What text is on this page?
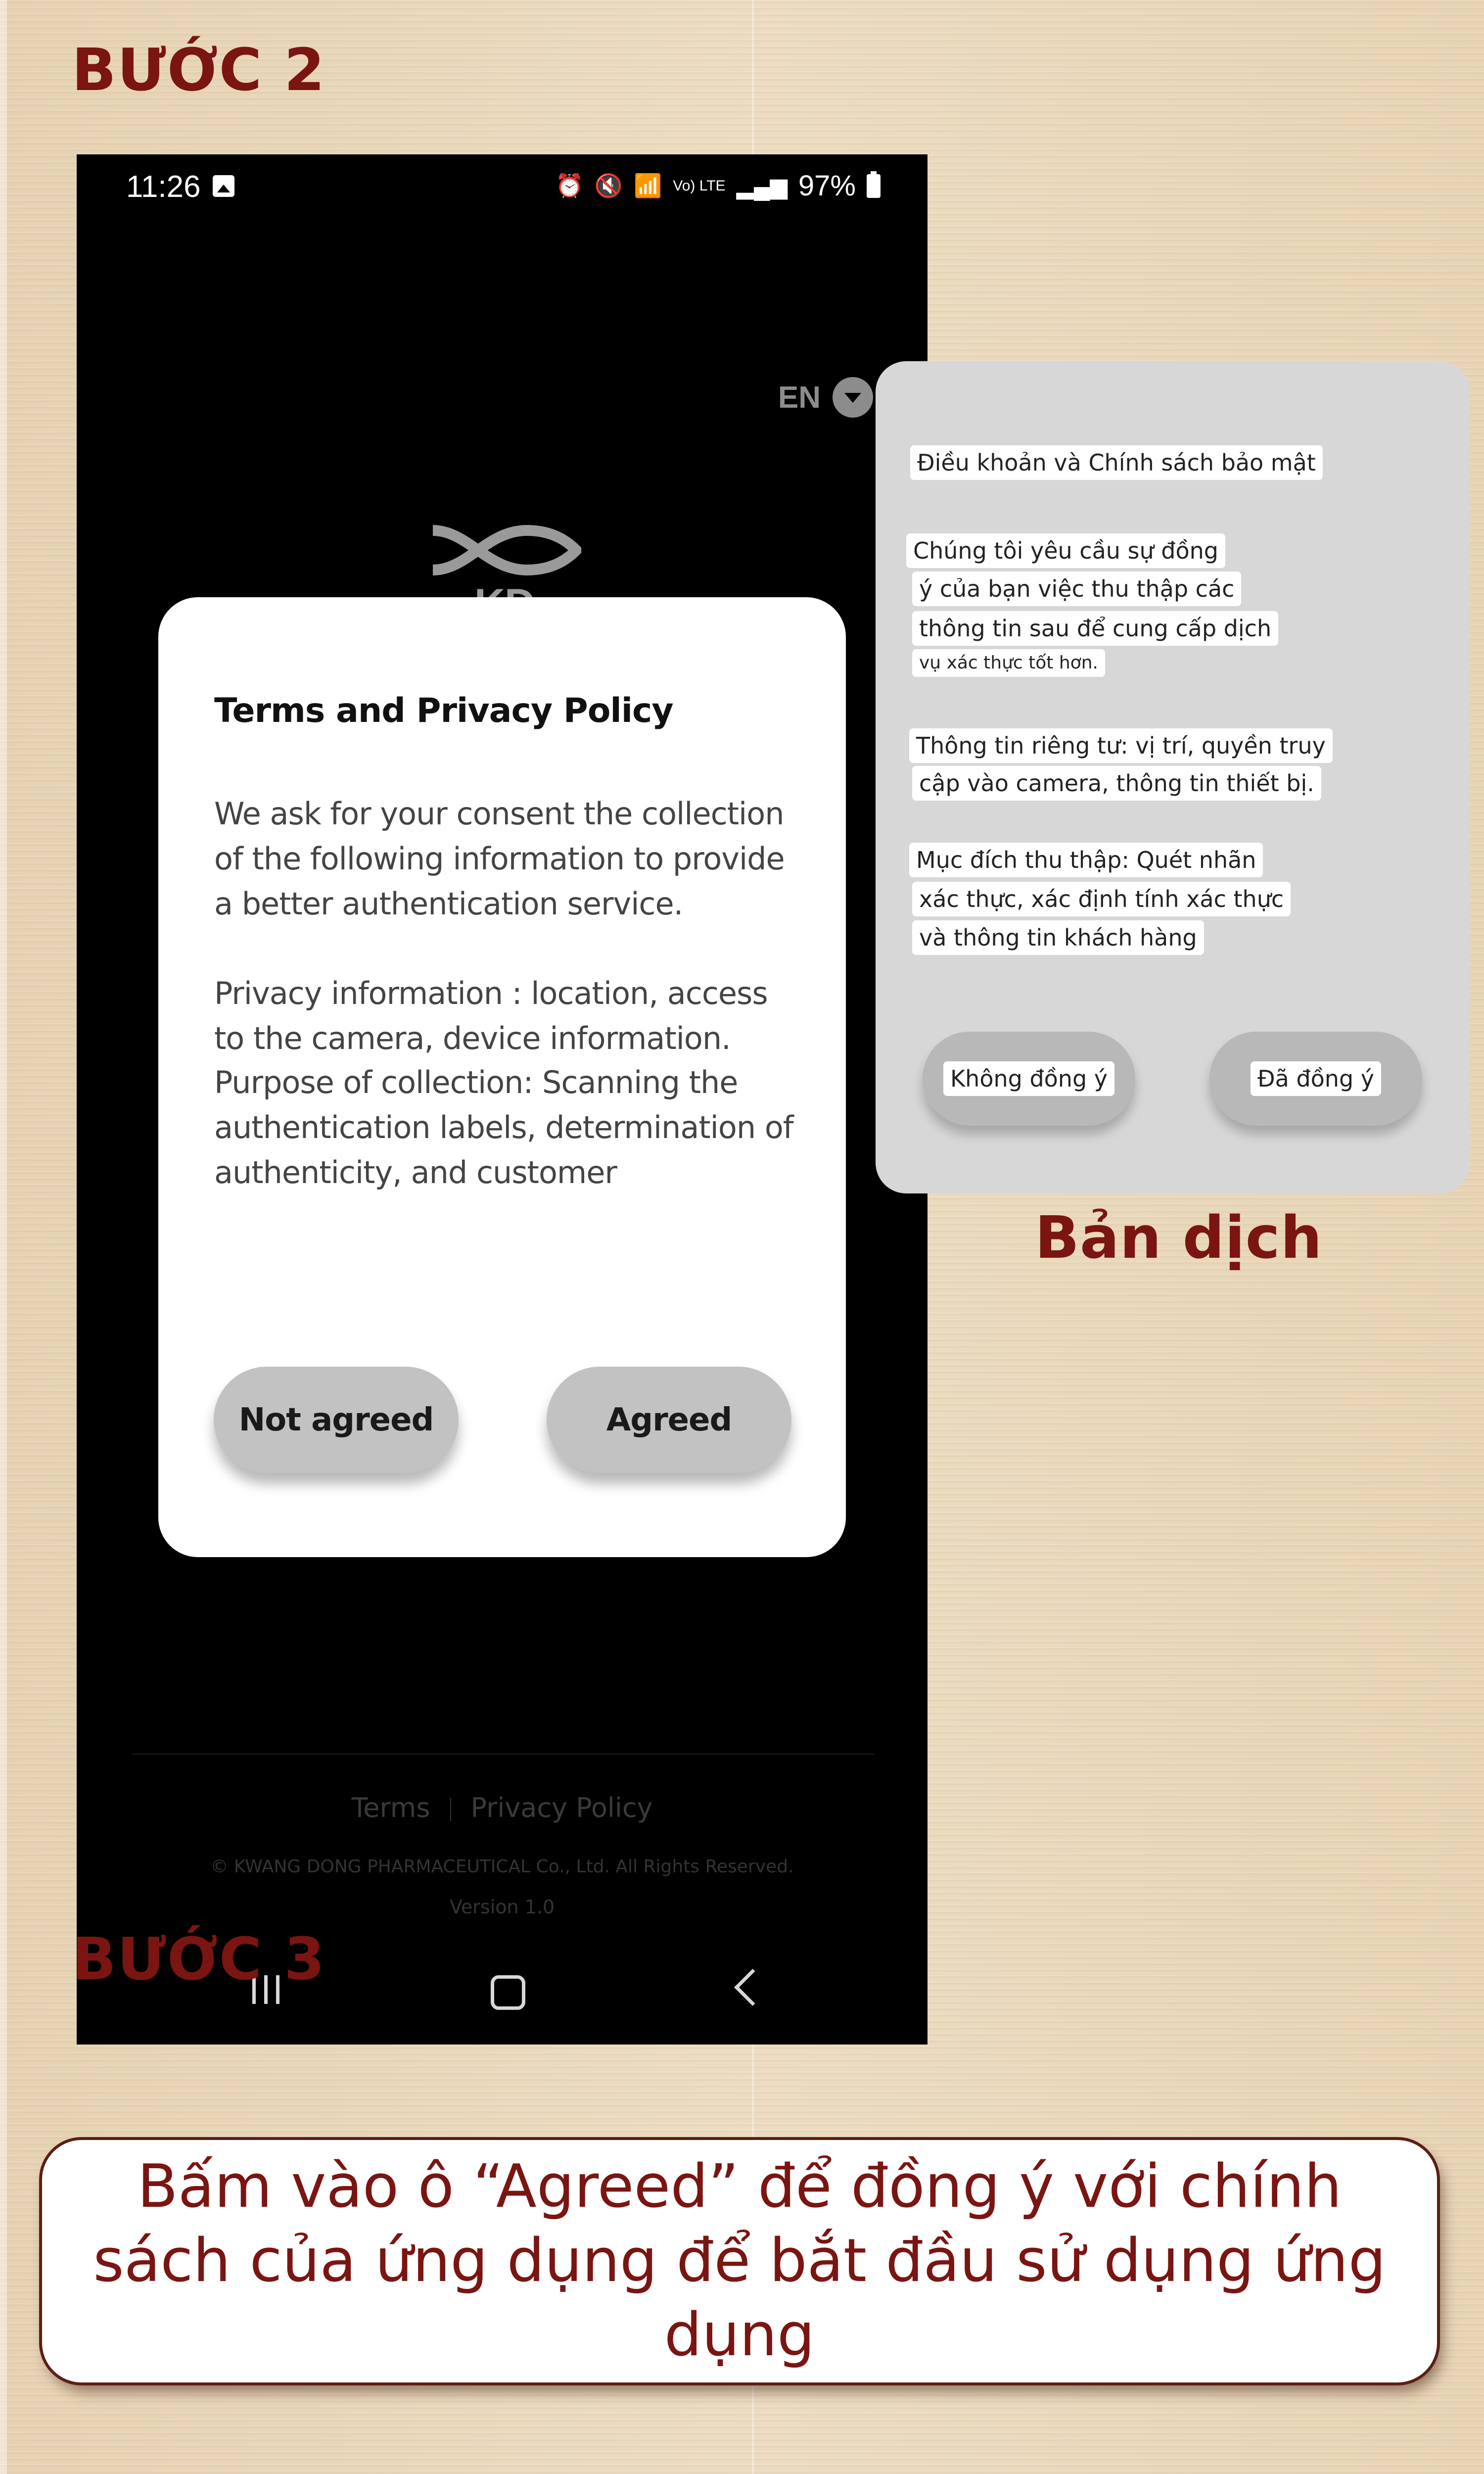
BƯỚC 2
11:26	⏰ 🔇 📶 Vo) LTE ▂▄▆ 97%
EN
Terms and Privacy Policy
We ask for your consent the collection of the following information to provide a better authentication service.
Privacy information : location, access to the camera, device information.
Purpose of collection: Scanning the authentication labels, determination of authenticity, and customer
Not agreed	Agreed
Terms Privacy Policy
© KWANG DONG PHARMACEUTICAL Co., Ltd. All Rights Reserved.
Version 1.0
BƯỚC 3
Điều khoản và Chính sách bảo mật
Chúng tôi yêu cầu sự đồng
ý của bạn việc thu thập các
thông tin sau để cung cấp dịch
vụ xác thực tốt hơn.
Thông tin riêng tư: vị trí, quyền truy
cập vào camera, thông tin thiết bị.
Mục đích thu thập: Quét nhãn
xác thực, xác định tính xác thực
và thông tin khách hàng
Không đồng ý	Đã đồng ý
Bản dịch
Bấm vào ô “Agreed” để đồng ý với chính sách của ứng dụng để bắt đầu sử dụng ứng dụng
